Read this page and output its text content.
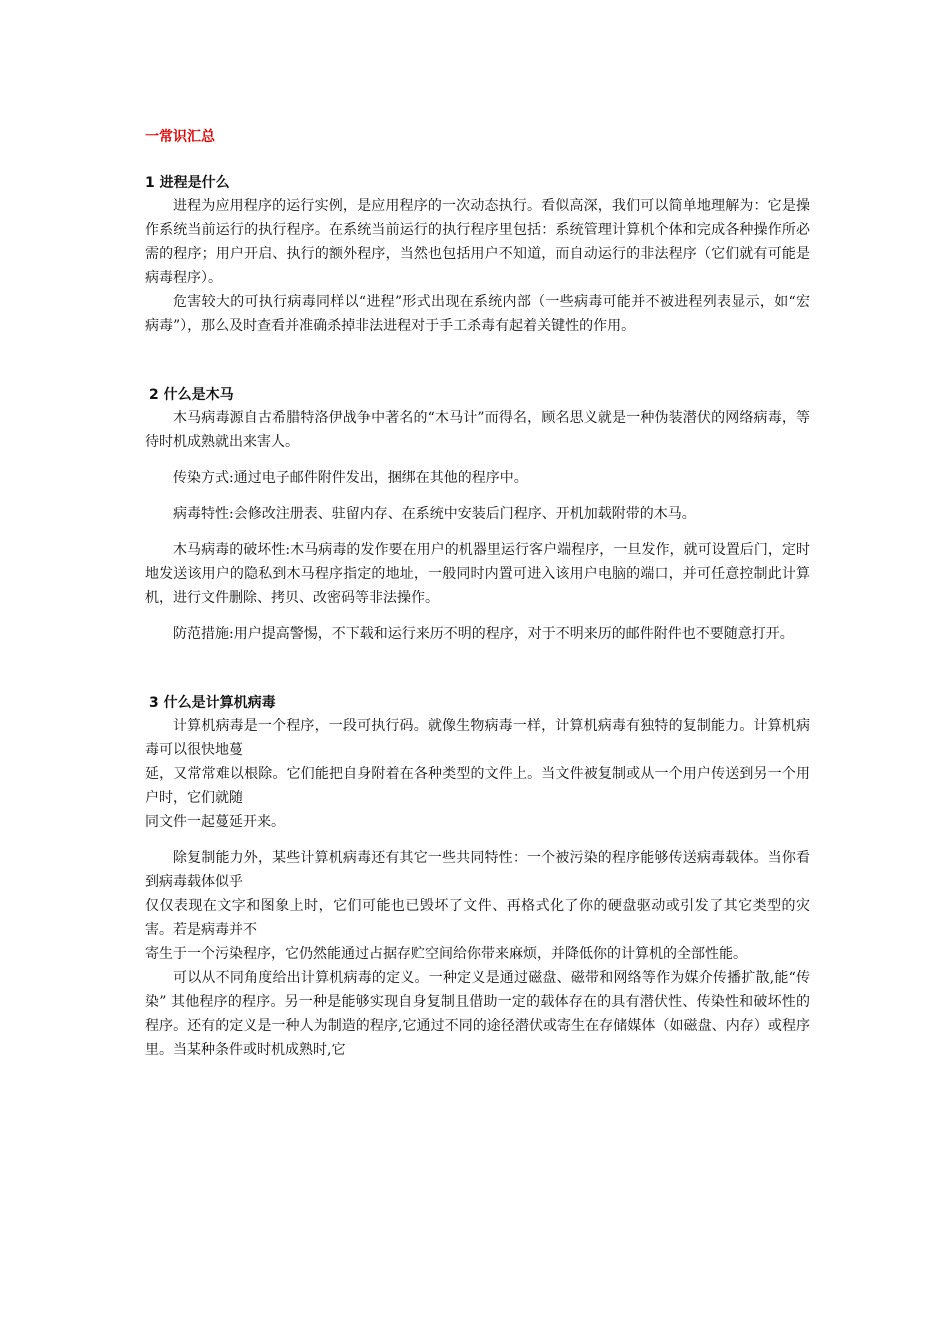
一常识汇总
1 进程是什么

进程为应用程序的运行实例，是应用程序的一次动态执行。看似高深，我们可以简单地理解为：它是操作系统当前运行的执行程序。在系统当前运行的执行程序里包括：系统管理计算机个体和完成各种操作所必需的程序；用户开启、执行的额外程序，当然也包括用户不知道，而自动运行的非法程序（它们就有可能是病毒程序）。

危害较大的可执行病毒同样以“进程”形式出现在系统内部（一些病毒可能并不被进程列表显示，如“宏病毒”），那么及时查看并准确杀掉非法进程对于手工杀毒有起着关键性的作用。

2 什么是木马

木马病毒源自古希腊特洛伊战争中著名的“木马计”而得名，顾名思义就是一种伪装潜伏的网络病毒，等待时机成熟就出来害人。

传染方式:通过电子邮件附件发出，捆绑在其他的程序中。

病毒特性:会修改注册表、驻留内存、在系统中安装后门程序、开机加载附带的木马。

木马病毒的破坏性:木马病毒的发作要在用户的机器里运行客户端程序，一旦发作，就可设置后门，定时地发送该用户的隐私到木马程序指定的地址，一般同时内置可进入该用户电脑的端口，并可任意控制此计算机，进行文件删除、拷贝、改密码等非法操作。

防范措施:用户提高警惕，不下载和运行来历不明的程序，对于不明来历的邮件附件也不要随意打开。

3 什么是计算机病毒

计算机病毒是一个程序，一段可执行码。就像生物病毒一样，计算机病毒有独特的复制能力。计算机病毒可以很快地蔓
延，又常常难以根除。它们能把自身附着在各种类型的文件上。当文件被复制或从一个用户传送到另一个用户时，它们就随
同文件一起蔓延开来。

除复制能力外，某些计算机病毒还有其它一些共同特性：一个被污染的程序能够传送病毒载体。当你看到病毒载体似乎
仅仅表现在文字和图象上时，它们可能也已毁坏了文件、再格式化了你的硬盘驱动或引发了其它类型的灾害。若是病毒并不
寄生于一个污染程序，它仍然能通过占据存贮空间给你带来麻烦，并降低你的计算机的全部性能。

可以从不同角度给出计算机病毒的定义。一种定义是通过磁盘、磁带和网络等作为媒介传播扩散,能“传染” 其他程序的程序。另一种是能够实现自身复制且借助一定的载体存在的具有潜伏性、传染性和破坏性的程序。还有的定义是一种人为制造的程序,它通过不同的途径潜伏或寄生在存储媒体（如磁盘、内存）或程序里。当某种条件或时机成熟时,它
